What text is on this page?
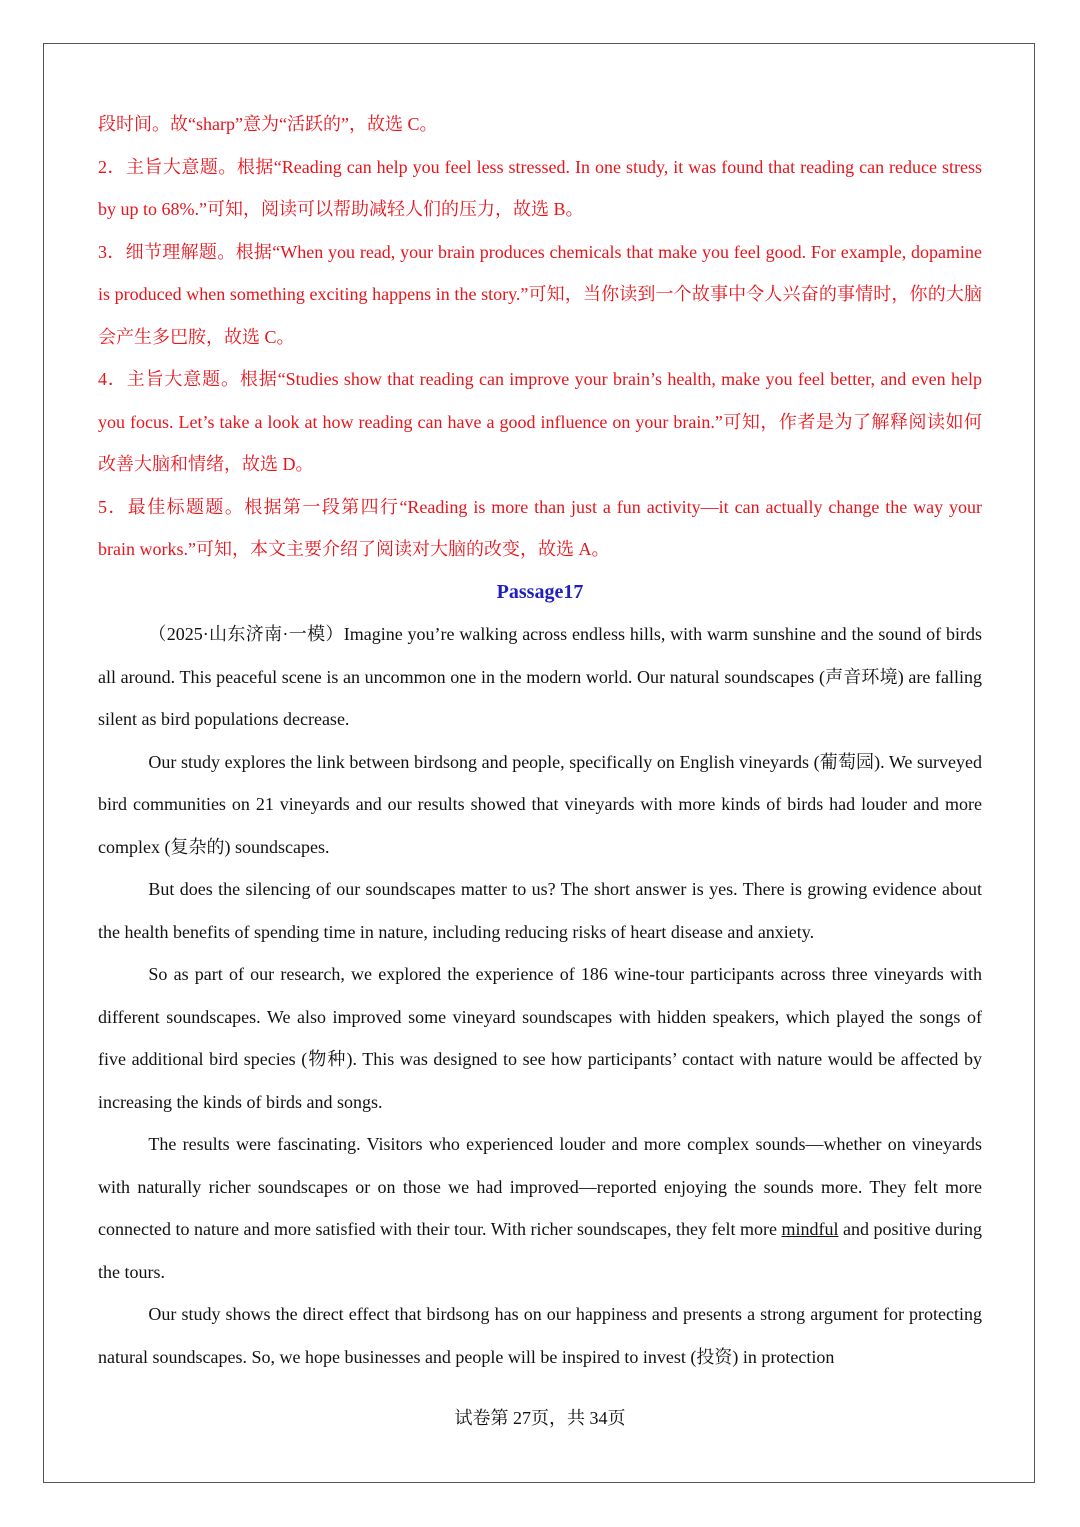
段时间。故“sharp”意为“活跃的”，故选 C。

2．主旨大意题。根据“Reading can help you feel less stressed. In one study, it was found that reading can reduce stress by up to 68%.”可知，阅读可以帮助减轻人们的压力，故选 B。

3．细节理解题。根据“When you read, your brain produces chemicals that make you feel good. For example, dopamine is produced when something exciting happens in the story.”可知，当你读到一个故事中令人兴奋的事情时，你的大脑会产生多巴胺，故选 C。

4．主旨大意题。根据“Studies show that reading can improve your brain’s health, make you feel better, and even help you focus. Let’s take a look at how reading can have a good influence on your brain.”可知，作者是为了解释阅读如何改善大脑和情绪，故选 D。

5．最佳标题题。根据第一段第四行“Reading is more than just a fun activity—it can actually change the way your brain works.”可知，本文主要介绍了阅读对大脑的改变，故选 A。

Passage17

（2025·山东济南·一模）Imagine you’re walking across endless hills, with warm sunshine and the sound of birds all around. This peaceful scene is an uncommon one in the modern world. Our natural soundscapes (声音环境) are falling silent as bird populations decrease.

Our study explores the link between birdsong and people, specifically on English vineyards (葡萄园). We surveyed bird communities on 21 vineyards and our results showed that vineyards with more kinds of birds had louder and more complex (复杂的) soundscapes.

But does the silencing of our soundscapes matter to us? The short answer is yes. There is growing evidence about the health benefits of spending time in nature, including reducing risks of heart disease and anxiety.

So as part of our research, we explored the experience of 186 wine-tour participants across three vineyards with different soundscapes. We also improved some vineyard soundscapes with hidden speakers, which played the songs of five additional bird species (物种). This was designed to see how participants’ contact with nature would be affected by increasing the kinds of birds and songs.

The results were fascinating. Visitors who experienced louder and more complex sounds—whether on vineyards with naturally richer soundscapes or on those we had improved—reported enjoying the sounds more. They felt more connected to nature and more satisfied with their tour. With richer soundscapes, they felt more mindful and positive during the tours.

Our study shows the direct effect that birdsong has on our happiness and presents a strong argument for protecting natural soundscapes. So, we hope businesses and people will be inspired to invest (投资) in protection

试卷第 27页，共 34页
